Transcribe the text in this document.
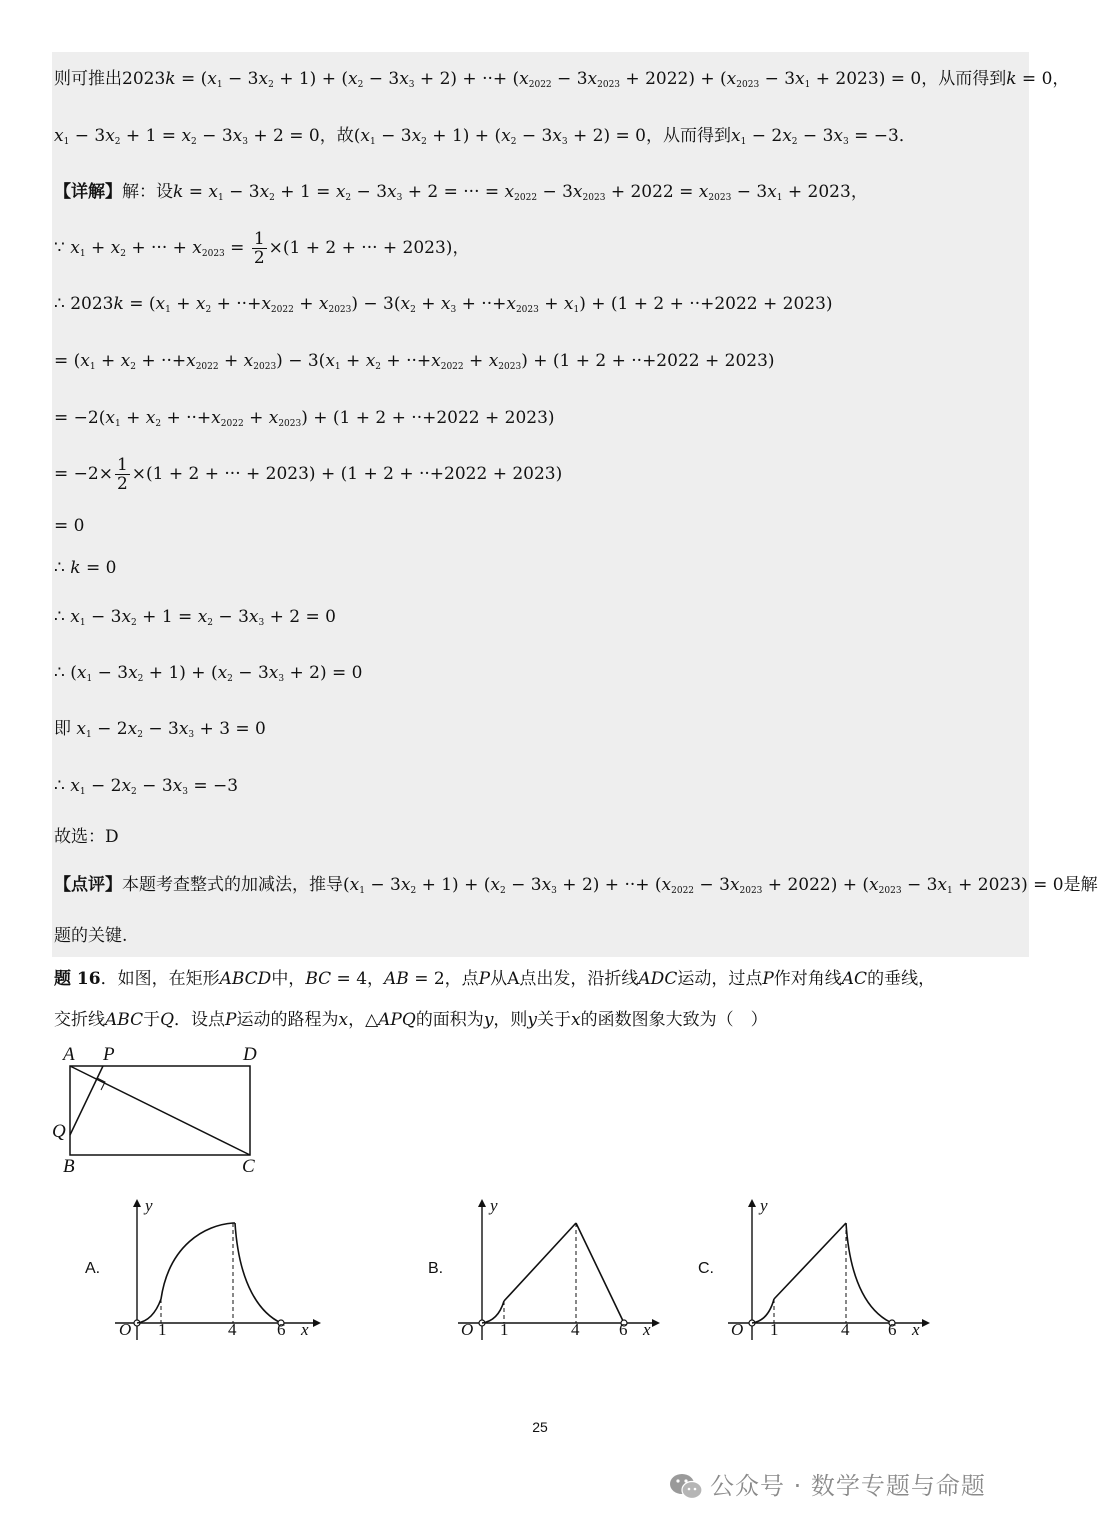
则可推出$2023k = (x_1 - 3x_2 + 1) + (x_2 - 3x_3 + 2)$ + ··+ $(x_{2022} - 3x_{2023} + 2022) + (x_{2023} - 3x_1 + 2023) = 0$，从而得到k = 0，
$x_1 - 3x_2 + 1 = x_2 - 3x_3 + 2 = 0$，故$(x_1 - 3x_2 + 1) + (x_2 - 3x_3 + 2) = 0$，从而得到$x_1 - 2x_2 - 3x_3 = -3$．
【详解】解：设$k = x_1 - 3x_2 + 1 = x_2 - 3x_3 + 2$ = ··· = $x_{2022} - 3x_{2023} + 2022 = x_{2023} - 3x_1 + 2023$，
∵ $x_1 + x_2$ + ··· + $x_{2023} = \frac{1}{2} \times(1 + 2$ + ··· + 2023)，
∴ $2023k = (x_1 + x_2 + \cdot\cdot+x_{2022} + x_{2023}) - 3(x_2 + x_3 + \cdot\cdot+x_{2023} + x_1) + (1 + 2 + \cdot\cdot+2022 + 2023)$
= $(x_1 + x_2 + \cdot\cdot+x_{2022} + x_{2023}) - 3(x_1 + x_2 + \cdot\cdot+x_{2022} + x_{2023}) + (1 + 2 + \cdot\cdot+2022 + 2023)$
= $-2(x_1 + x_2 + \cdot\cdot+x_{2022} + x_{2023}) + (1 + 2 + \cdot\cdot+2022 + 2023)$
= $-2\times \frac{1}{2} \times(1 + 2$ + ··· + 2023) + (1 + 2 + ··+2022 + 2023)
= 0
∴ k = 0
∴ $x_1 - 3x_2 + 1 = x_2 - 3x_3 + 2 = 0$
∴ $(x_1 - 3x_2 + 1) + (x_2 - 3x_3 + 2) = 0$
即 $x_1 - 2x_2 - 3x_3 + 3 = 0$
∴ $x_1 - 2x_2 - 3x_3 = -3$
故选：D
【点评】本题考查整式的加减法，推导$(x_1 - 3x_2 + 1) + (x_2 - 3x_3 + 2)$ + ··+ $(x_{2022} - 3x_{2023} + 2022) + (x_{2023} - 3x_1 + 2023) = 0$是解
题的关键.
题 16．如图，在矩形ABCD中，BC = 4，AB = 2，点P从A点出发，沿折线ADC运动，过点P作对角线AC的垂线，
交折线ABC于Q．设点P运动的路程为x，△APQ的面积为y，则y关于x的函数图象大致为（　）
A P	D
Q
B	C
A.
O 1	4 6 x
y
B.
O 1	4 6 x
y
C.
O 1	4 6 x
y
25
公众号 · 数学专题与命题
